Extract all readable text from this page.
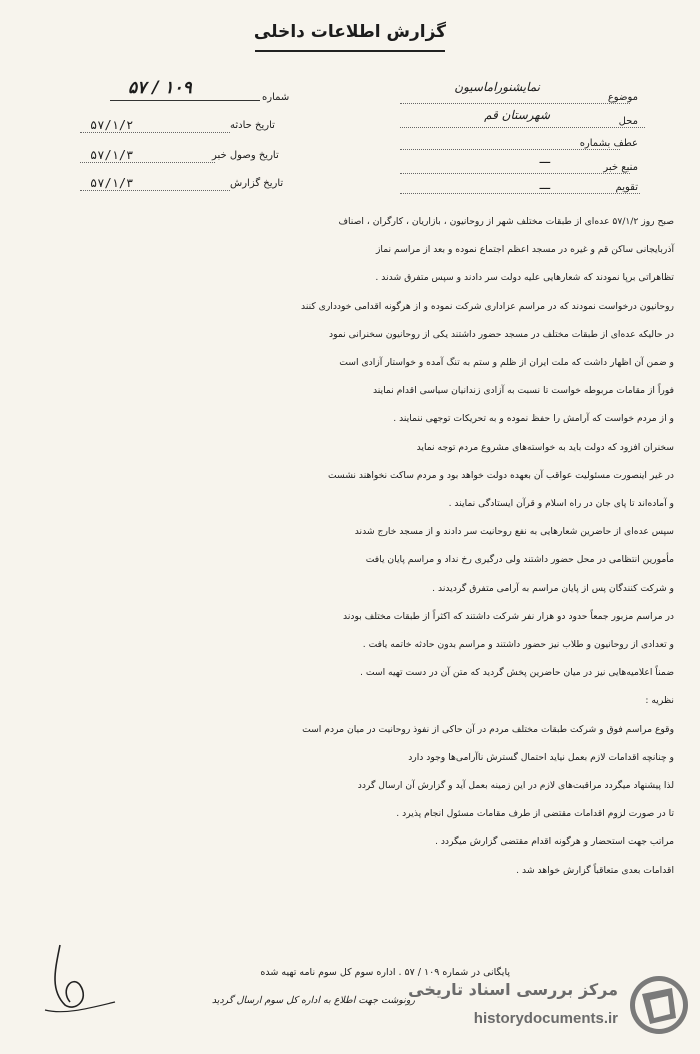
گزارش اطلاعات داخلی
موضوع
نمایشنوراماسیون
محل
شهرستان قم
عطف بشماره
منبع خبر
ـــ
تقویم
ـــ
شماره
۱۰۹ / ۵۷
تاریخ حادثه
۵۷/۱/۲
تاریخ وصول خبر
۵۷/۱/۳
تاریخ گزارش
۵۷/۱/۳

صبح روز ۵۷/۱/۲ عده‌ای از طبقات مختلف شهر از روحانیون ، بازاریان ، کارگران ، اصناف

آذربایجانی ساکن قم و غیره در مسجد اعظم اجتماع نموده و بعد از مراسم نماز

تظاهراتی برپا نمودند که شعارهایی علیه دولت سر دادند و سپس متفرق شدند .

روحانیون درخواست نمودند که در مراسم عزاداری شرکت نموده و از هرگونه اقدامی خودداری کنند

در حالیکه عده‌ای از طبقات مختلف در مسجد حضور داشتند یکی از روحانیون سخنرانی نمود

و ضمن آن اظهار داشت که ملت ایران از ظلم و ستم به تنگ آمده و خواستار آزادی است

فوراً از مقامات مربوطه خواست تا نسبت به آزادی زندانیان سیاسی اقدام نمایند

و از مردم خواست که آرامش را حفظ نموده و به تحریکات توجهی ننمایند .

سخنران افزود که دولت باید به خواسته‌های مشروع مردم توجه نماید

در غیر اینصورت مسئولیت عواقب آن بعهده دولت خواهد بود و مردم ساکت نخواهند نشست

و آماده‌اند تا پای جان در راه اسلام و قرآن ایستادگی نمایند .

سپس عده‌ای از حاضرین شعارهایی به نفع روحانیت سر دادند و از مسجد خارج شدند

مأمورین انتظامی در محل حضور داشتند ولی درگیری رخ نداد و مراسم پایان یافت

و شرکت کنندگان پس از پایان مراسم به آرامی متفرق گردیدند .

در مراسم مزبور جمعاً حدود دو هزار نفر شرکت داشتند که اکثراً از طبقات مختلف بودند

و تعدادی از روحانیون و طلاب نیز حضور داشتند و مراسم بدون حادثه خاتمه یافت .

ضمناً اعلامیه‌هایی نیز در میان حاضرین پخش گردید که متن آن در دست تهیه است .

نظریه :

وقوع مراسم فوق و شرکت طبقات مختلف مردم در آن حاکی از نفوذ روحانیت در میان مردم است

و چنانچه اقدامات لازم بعمل نیاید احتمال گسترش ناآرامی‌ها وجود دارد

لذا پیشنهاد میگردد مراقبت‌های لازم در این زمینه بعمل آید و گزارش آن ارسال گردد

تا در صورت لزوم اقدامات مقتضی از طرف مقامات مسئول انجام پذیرد .

مراتب جهت استحضار و هرگونه اقدام مقتضی گزارش میگردد .

اقدامات بعدی متعاقباً گزارش خواهد شد .

پایگانی در شماره ۱۰۹ / ۵۷ . اداره سوم کل سوم نامه تهیه شده
رونوشت جهت اطلاع به اداره کل سوم ارسال گردید
مرکز بررسی اسناد تاریخی
historydocuments.ir
